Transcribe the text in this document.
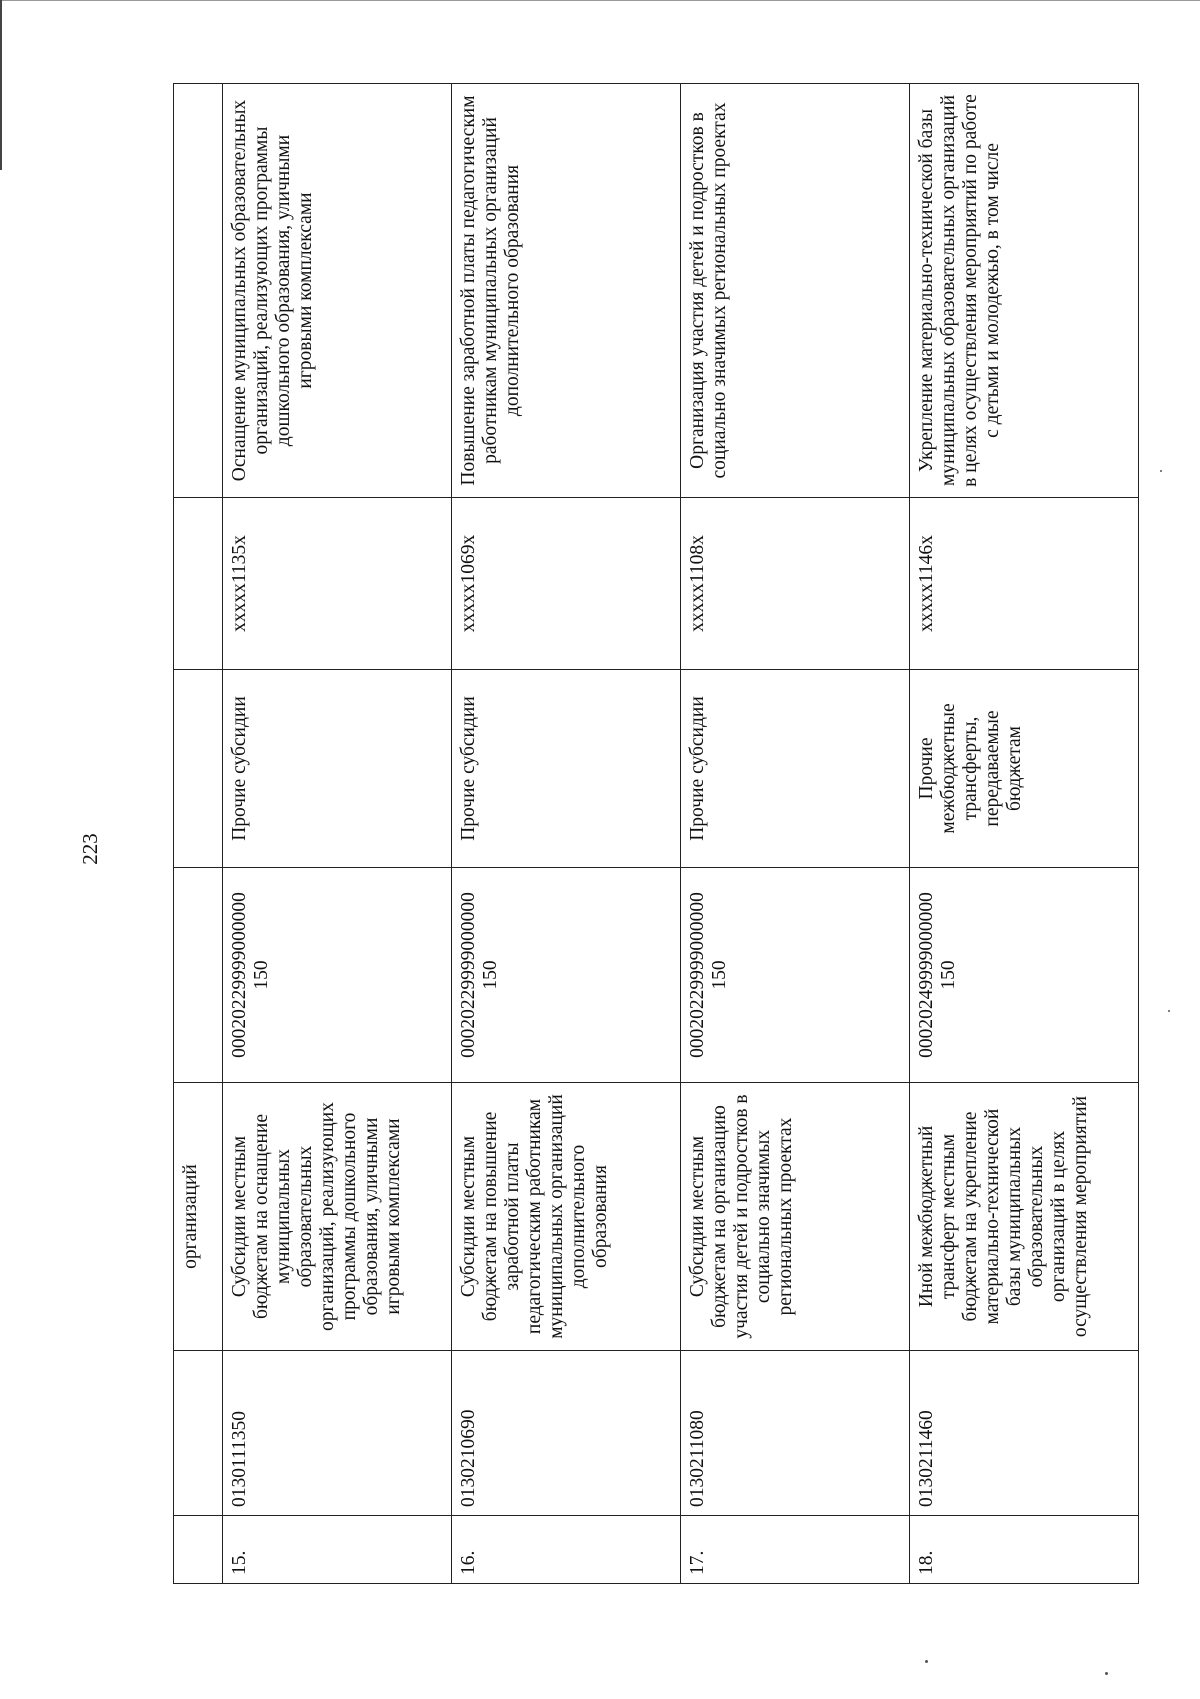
223
		организаций				
15.	0130111350	Субсидии местным бюджетам на оснащение муниципальных образовательных организаций, реализующих программы дошкольного образования, уличными игровыми комплексами	00020229999000000 150	Прочие субсидии	xxxxx1135x	Оснащение муниципальных образовательных организаций, реализующих программы дошкольного образования, уличными игровыми комплексами
16.	0130210690	Субсидии местным бюджетам на повышение заработной платы педагогическим работникам муниципальных организаций дополнительного образования	00020229999000000 150	Прочие субсидии	xxxxx1069x	Повышение заработной платы педагогическим работникам муниципальных организаций дополнительного образования
17.	0130211080	Субсидии местным бюджетам на организацию участия детей и подростков в социально значимых региональных проектах	00020229999000000 150	Прочие субсидии	xxxxx1108x	Организация участия детей и подростков в социально значимых региональных проектах
18.	0130211460	Иной межбюджетный трансферт местным бюджетам на укрепление материально-технической базы муниципальных образовательных организаций в целях осуществления мероприятий	00020249999000000 150	Прочие межбюджетные трансферты, передаваемые бюджетам	xxxxx1146x	Укрепление материально-технической базы муниципальных образовательных организаций в целях осуществления мероприятий по работе с детьми и молодежью, в том числе
